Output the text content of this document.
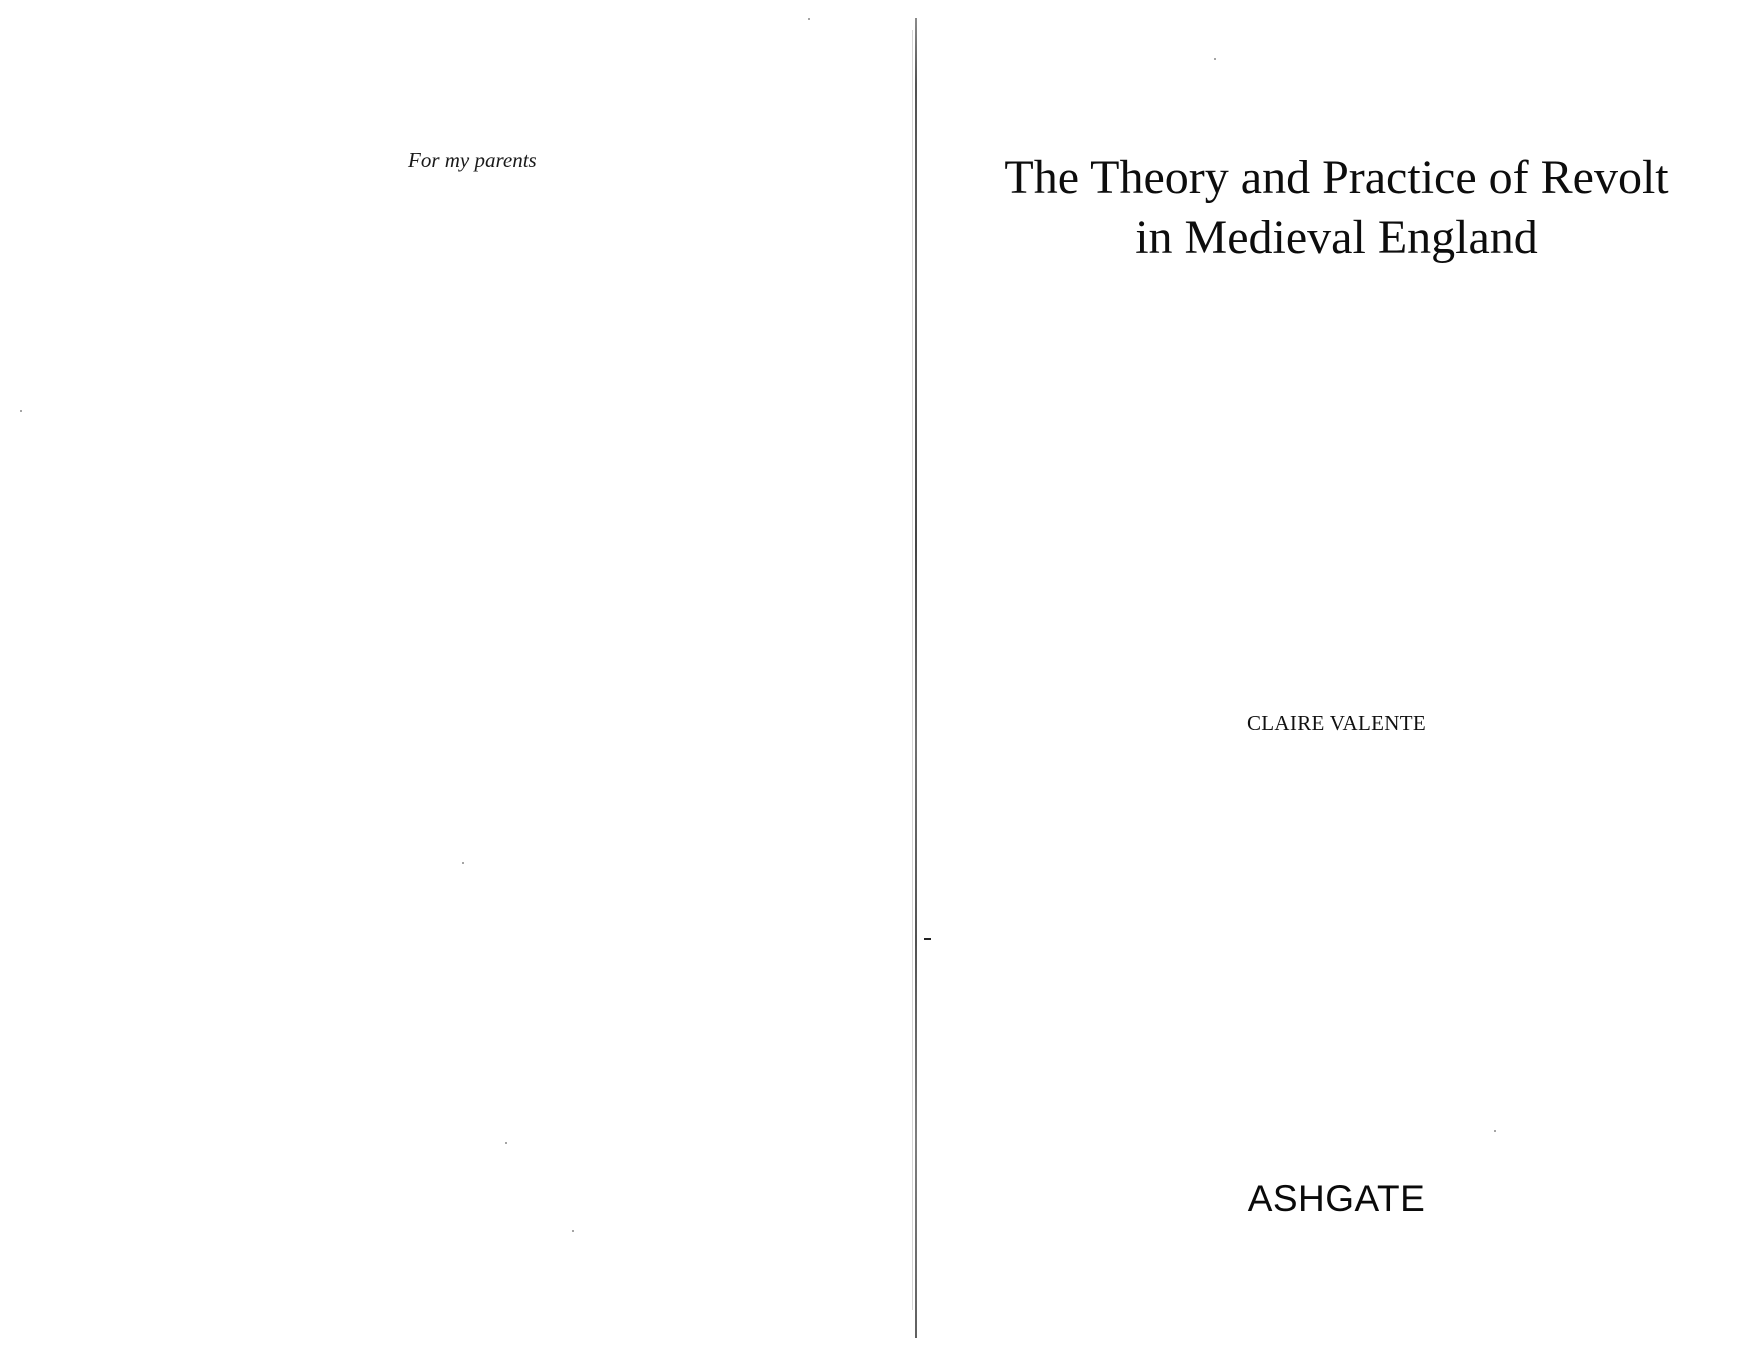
For my parents	The Theory and Practice of Revolt
in Medieval England
CLAIRE VALENTE
ASHGATE
